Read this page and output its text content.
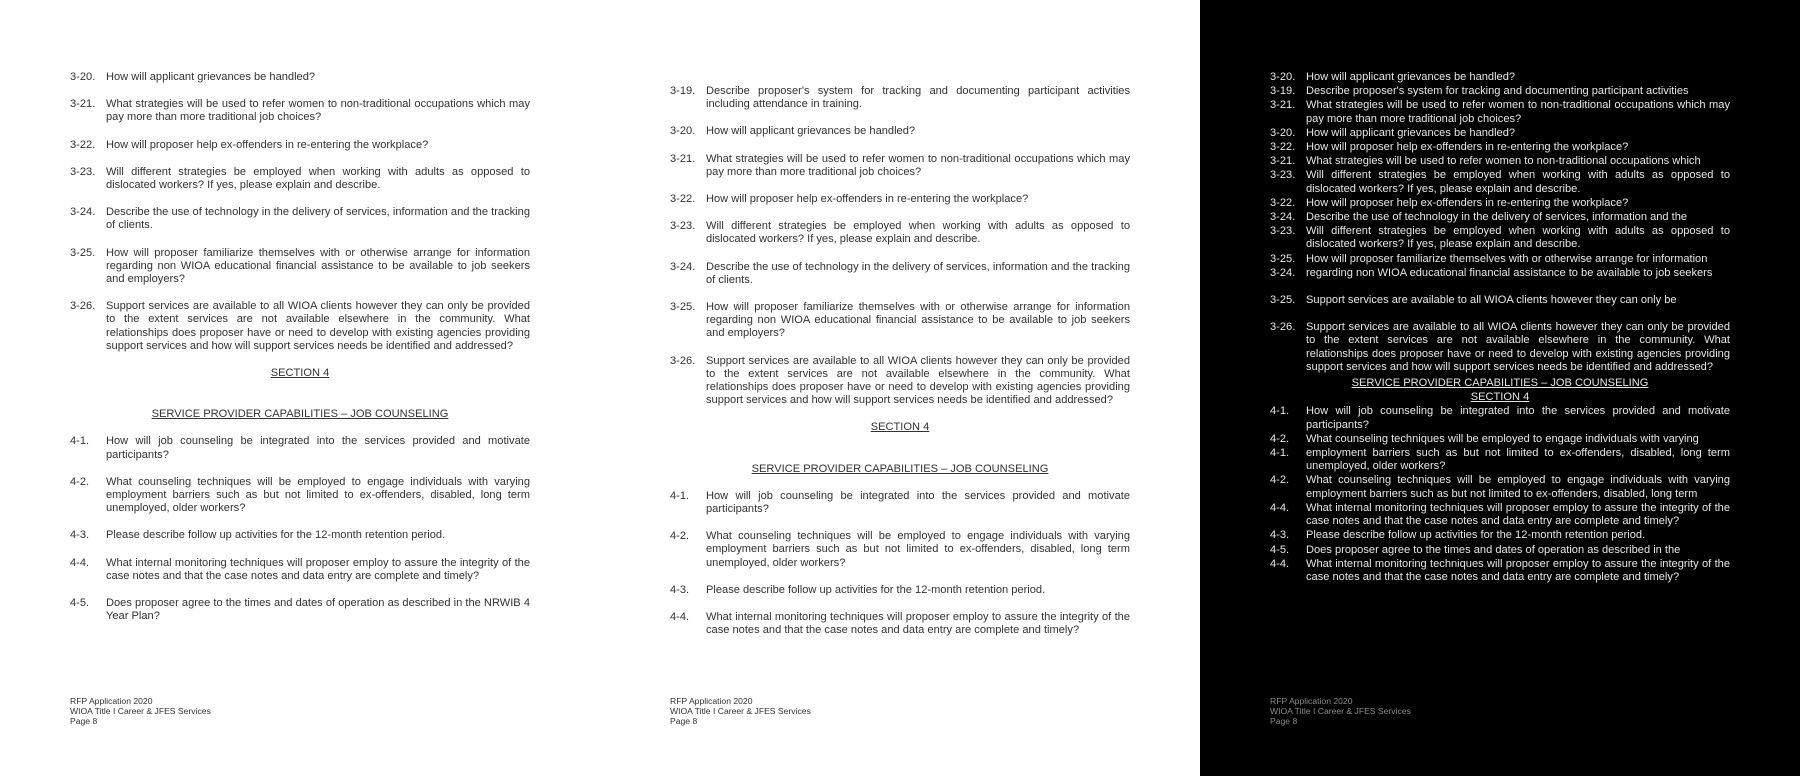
3-20. How will applicant grievances be handled?
3-21. What strategies will be used to refer women to non-traditional occupations which may pay more than more traditional job choices?
3-22. How will proposer help ex-offenders in re-entering the workplace?
3-23. Will different strategies be employed when working with adults as opposed to dislocated workers? If yes, please explain and describe.
3-24. Describe the use of technology in the delivery of services, information and the tracking of clients.
3-25. How will proposer familiarize themselves with or otherwise arrange for information regarding non WIOA educational financial assistance to be available to job seekers and employers?
3-26. Support services are available to all WIOA clients however they can only be provided to the extent services are not available elsewhere in the community. What relationships does proposer have or need to develop with existing agencies providing support services and how will support services needs be identified and addressed?
SECTION 4
SERVICE PROVIDER CAPABILITIES – JOB COUNSELING
4-1.	How will job counseling be integrated into the services provided and motivate participants?
4-2.	What counseling techniques will be employed to engage individuals with varying employment barriers such as but not limited to ex-offenders, disabled, long term unemployed, older workers?
4-3.	Please describe follow up activities for the 12-month retention period.
4-4.	What internal monitoring techniques will proposer employ to assure the integrity of the case notes and that the case notes and data entry are complete and timely?
4-5.	Does proposer agree to the times and dates of operation as described in the NRWIB 4 Year Plan?
RFP Application 2020
WIOA Title I Career & JFES Services
Page 8
3-19. Describe proposer's system for tracking and documenting participant activities including attendance in training.
3-20. How will applicant grievances be handled?
3-21. What strategies will be used to refer women to non-traditional occupations which may pay more than more traditional job choices?
3-22. How will proposer help ex-offenders in re-entering the workplace?
3-23. Will different strategies be employed when working with adults as opposed to dislocated workers? If yes, please explain and describe.
3-24. Describe the use of technology in the delivery of services, information and the tracking of clients.
3-25. How will proposer familiarize themselves with or otherwise arrange for information regarding non WIOA educational financial assistance to be available to job seekers and employers?
3-26. Support services are available to all WIOA clients however they can only be provided to the extent services are not available elsewhere in the community. What relationships does proposer have or need to develop with existing agencies providing support services and how will support services needs be identified and addressed?
SECTION 4
SERVICE PROVIDER CAPABILITIES – JOB COUNSELING
4-1.	How will job counseling be integrated into the services provided and motivate participants?
4-2.	What counseling techniques will be employed to engage individuals with varying employment barriers such as but not limited to ex-offenders, disabled, long term unemployed, older workers?
4-3.	Please describe follow up activities for the 12-month retention period.
4-4.	What internal monitoring techniques will proposer employ to assure the integrity of the case notes and that the case notes and data entry are complete and timely?
RFP Application 2020
WIOA Title I Career & JFES Services
Page 8
3-20. How will applicant grievances be handled?
3-19. Describe proposer's system for tracking and documenting participant activities
3-21. What strategies will be used to refer women to non-traditional occupations which may pay more than more traditional job choices?
3-20. How will applicant grievances be handled?
3-22. How will proposer help ex-offenders in re-entering the workplace?
3-21. What strategies will be used to refer women to non-traditional occupations which
3-23. Will different strategies be employed when working with adults as opposed to dislocated workers? If yes, please explain and describe.
3-22. How will proposer help ex-offenders in re-entering the workplace?
3-24. Describe the use of technology in the delivery of services, information and the
3-23. Will different strategies be employed when working with adults as opposed to dislocated workers? If yes, please explain and describe.
3-25. How will proposer familiarize themselves with or otherwise arrange for information
3-24. regarding non WIOA educational financial assistance to be available to job seekers
3-25. Support services are available to all WIOA clients however they can only be
3-26. Support services are available to all WIOA clients however they can only be provided to the extent services are not available elsewhere in the community. What relationships does proposer have or need to develop with existing agencies providing support services and how will support services needs be identified and addressed?
SERVICE PROVIDER CAPABILITIES – JOB COUNSELING
SECTION 4
4-1.	How will job counseling be integrated into the services provided and motivate participants?
4-2.	What counseling techniques will be employed to engage individuals with varying
4-1.	employment barriers such as but not limited to ex-offenders, disabled, long term unemployed, older workers?
4-2.	What counseling techniques will be employed to engage individuals with varying employment barriers such as but not limited to ex-offenders, disabled, long term
4-4.	What internal monitoring techniques will proposer employ to assure the integrity of the case notes and that the case notes and data entry are complete and timely?
4-3.	Please describe follow up activities for the 12-month retention period.
4-5.	Does proposer agree to the times and dates of operation as described in the
4-4.	What internal monitoring techniques will proposer employ to assure the integrity of the case notes and that the case notes and data entry are complete and timely?
RFP Application 2020
WIOA Title I Career & JFES Services
Page 8
